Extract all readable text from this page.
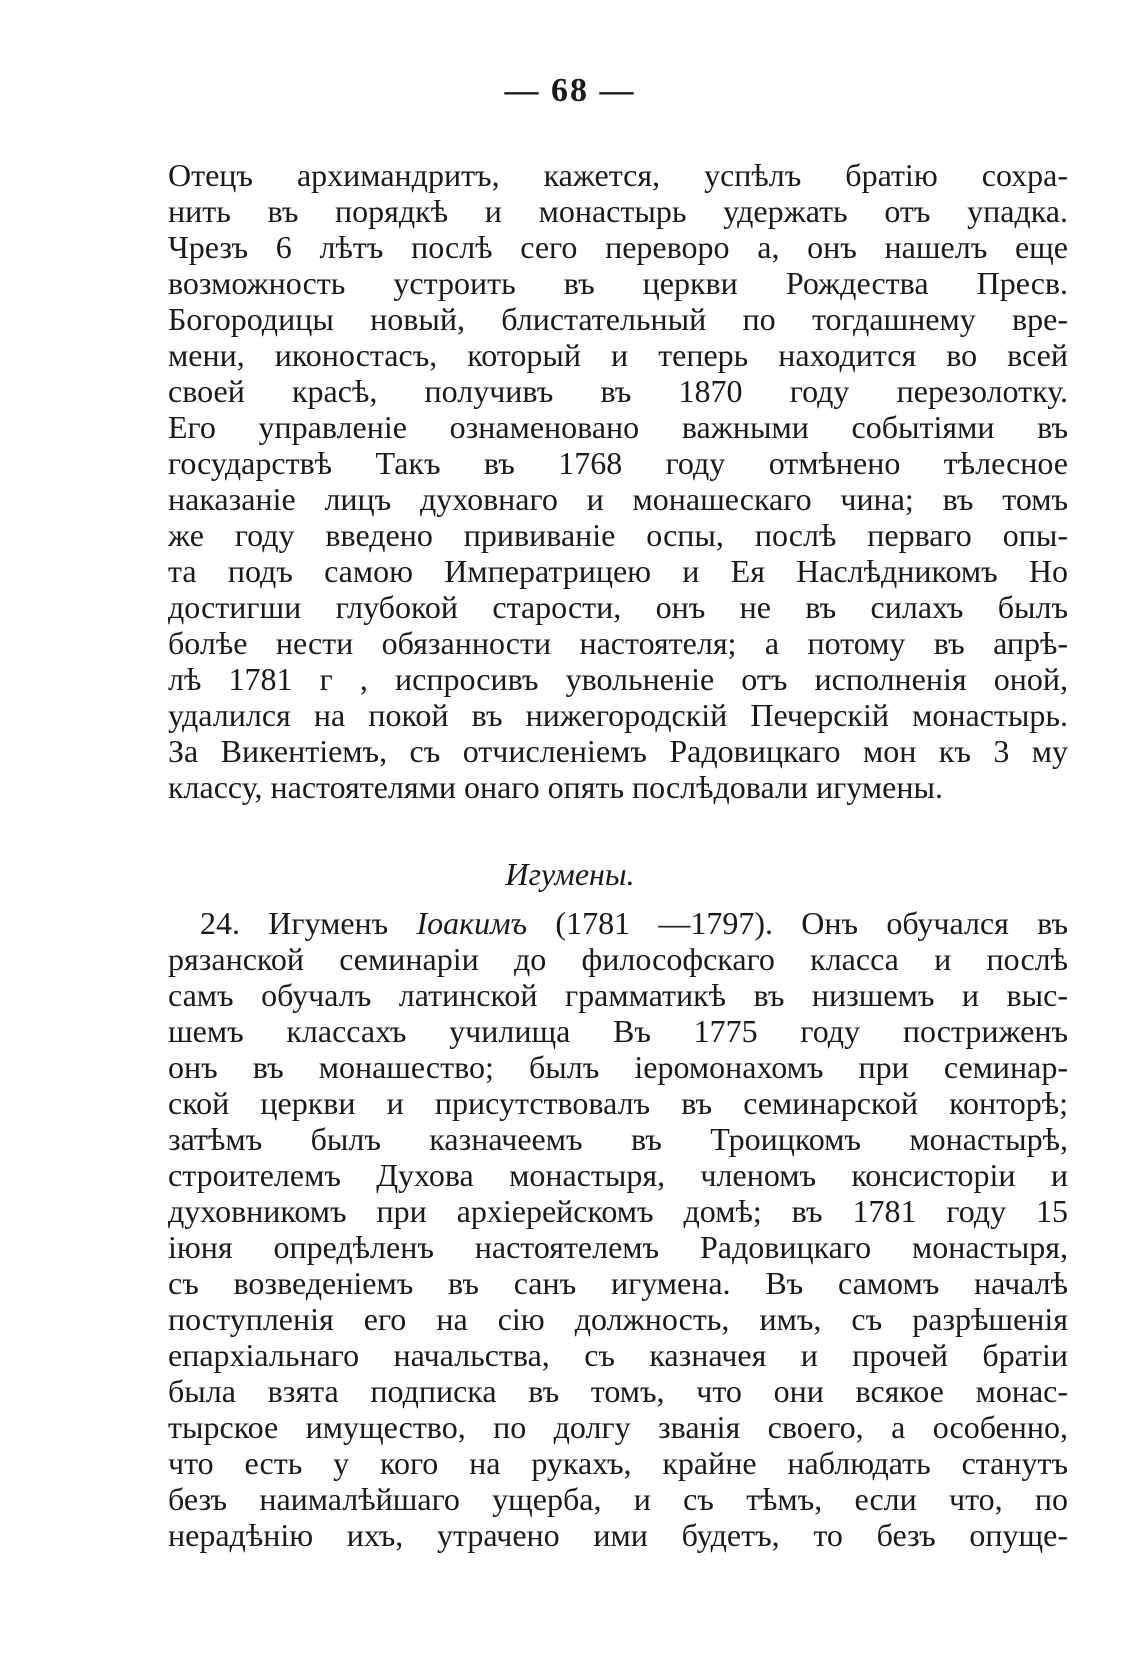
— 68 —
Отецъ архимандритъ, кажется, успѣлъ братію сохра-
нить въ порядкѣ и монастырь удержать отъ упадка.
Чрезъ 6 лѣтъ послѣ сего переворо а, онъ нашелъ еще
возможность устроить въ церкви Рождества Пресв.
Богородицы новый, блистательный по тогдашнему вре-
мени, иконостасъ, который и теперь находится во всей
своей красѣ, получивъ въ 1870 году перезолотку.
Его управленіе ознаменовано важными событіями въ
государствѣ Такъ въ 1768 году отмѣнено тѣлесное
наказаніе лицъ духовнаго и монашескаго чина; въ томъ
же году введено прививаніе оспы, послѣ перваго опы-
та подъ самою Императрицею и Ея Наслѣдникомъ Но
достигши глубокой старости, онъ не въ силахъ былъ
болѣе нести обязанности настоятеля; а потому въ апрѣ-
лѣ 1781 г , испросивъ увольненіе отъ исполненія оной,
удалился на покой въ нижегородскій Печерскій монастырь.
За Викентіемъ, съ отчисленіемъ Радовицкаго мон къ 3 му
классу, настоятелями онаго опять послѣдовали игумены.
Игумены.
24. Игуменъ Іоакимъ (1781 —1797). Онъ обучался въ
рязанской семинаріи до философскаго класса и послѣ
самъ обучалъ латинской грамматикѣ въ низшемъ и выс-
шемъ классахъ училища Въ 1775 году постриженъ
онъ въ монашество; былъ іеромонахомъ при семинар-
ской церкви и присутствовалъ въ семинарской конторѣ;
затѣмъ былъ казначеемъ въ Троицкомъ монастырѣ,
строителемъ Духова монастыря, членомъ консисторіи и
духовникомъ при архіерейскомъ домѣ; въ 1781 году 15
іюня опредѣленъ настоятелемъ Радовицкаго монастыря,
съ возведеніемъ въ санъ игумена. Въ самомъ началѣ
поступленія его на сію должность, имъ, съ разрѣшенія
епархіальнаго начальства, съ казначея и прочей братіи
была взята подписка въ томъ, что они всякое монас-
тырское имущество, по долгу званія своего, а особенно,
что есть у кого на рукахъ, крайне наблюдать станутъ
безъ наималѣйшаго ущерба, и съ тѣмъ, если что, по
нерадѣнію ихъ, утрачено ими будетъ, то безъ опуще-
